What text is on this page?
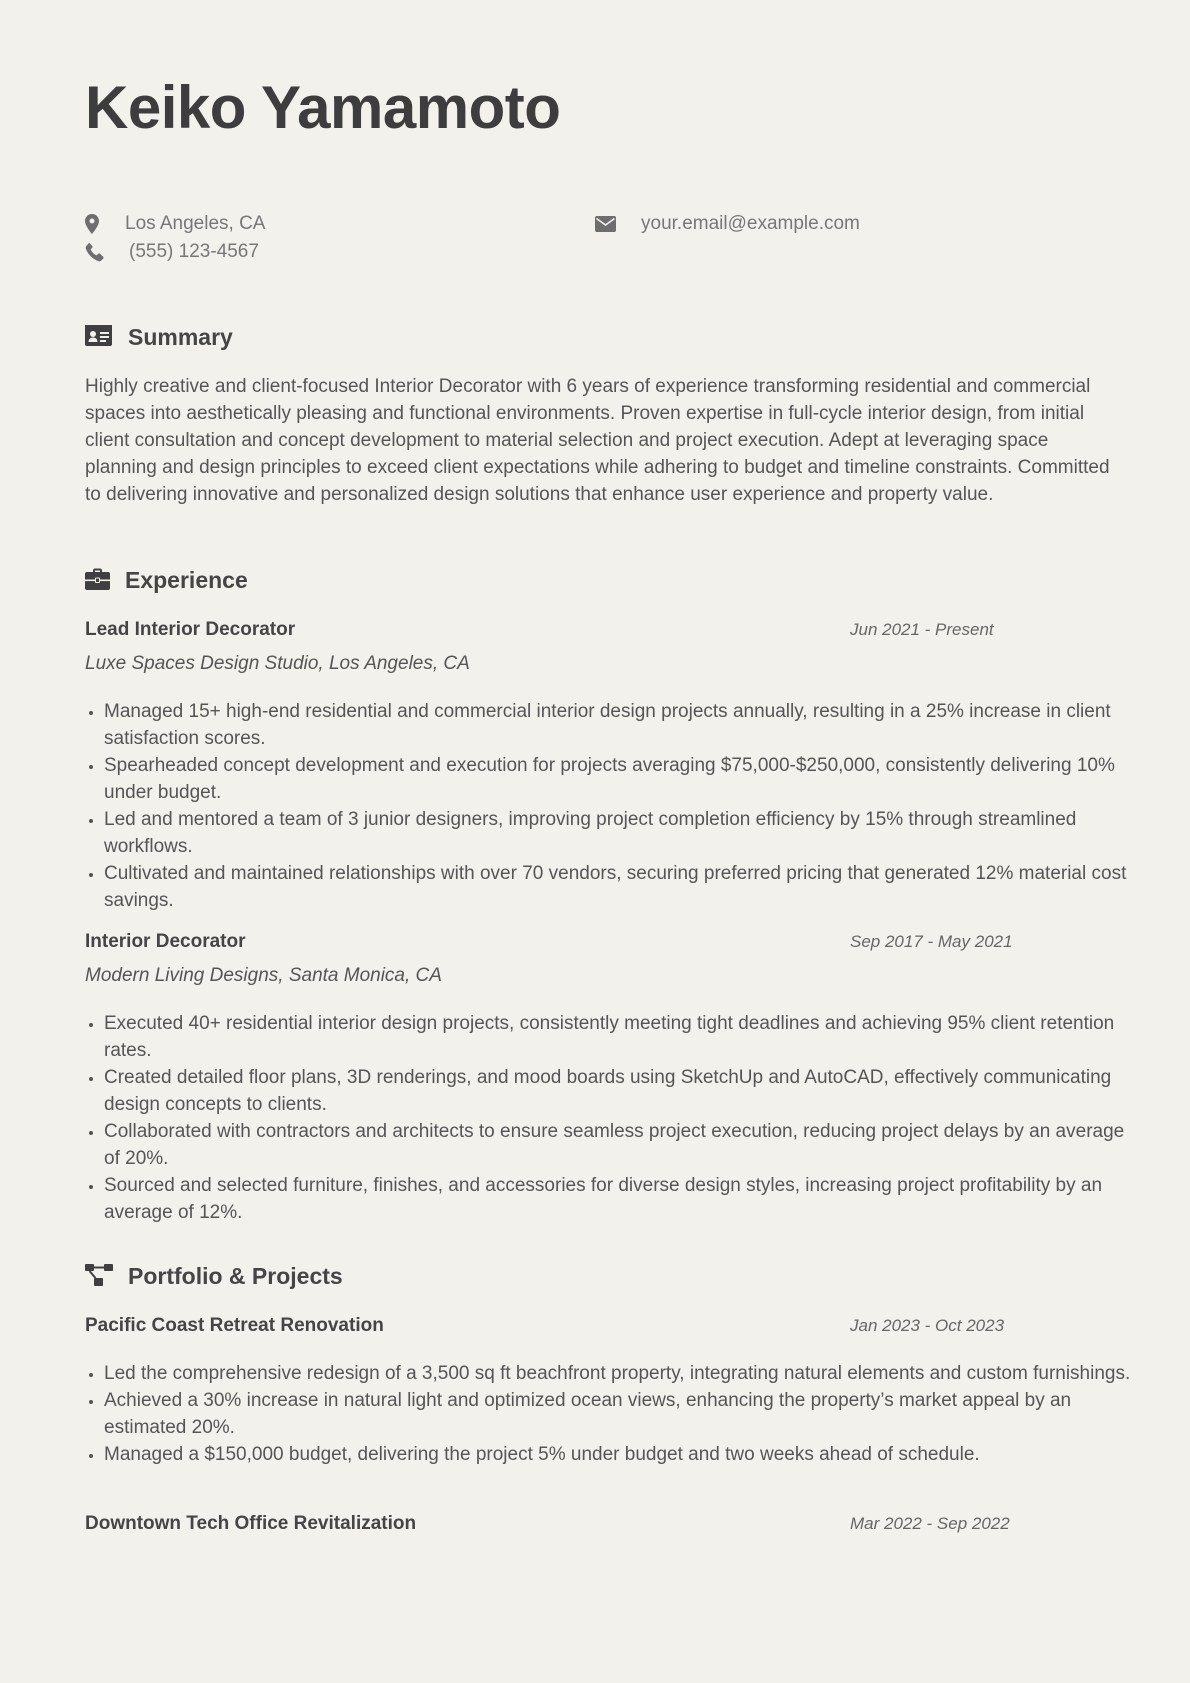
Keiko Yamamoto
Los Angeles, CA
(555) 123-4567
your.email@example.com
Summary

Highly creative and client-focused Interior Decorator with 6 years of experience transforming residential and commercial spaces into aesthetically pleasing and functional environments. Proven expertise in full-cycle interior design, from initial client consultation and concept development to material selection and project execution. Adept at leveraging space planning and design principles to exceed client expectations while adhering to budget and timeline constraints. Committed to delivering innovative and personalized design solutions that enhance user experience and property value.

Experience
Lead Interior Decorator	Jun 2021 - Present
Luxe Spaces Design Studio, Los Angeles, CA
• Managed 15+ high-end residential and commercial interior design projects annually, resulting in a 25% increase in client satisfaction scores.
• Spearheaded concept development and execution for projects averaging $75,000-$250,000, consistently delivering 10% under budget.
• Led and mentored a team of 3 junior designers, improving project completion efficiency by 15% through streamlined workflows.
• Cultivated and maintained relationships with over 70 vendors, securing preferred pricing that generated 12% material cost savings.
Interior Decorator	Sep 2017 - May 2021
Modern Living Designs, Santa Monica, CA
• Executed 40+ residential interior design projects, consistently meeting tight deadlines and achieving 95% client retention rates.
• Created detailed floor plans, 3D renderings, and mood boards using SketchUp and AutoCAD, effectively communicating design concepts to clients.
• Collaborated with contractors and architects to ensure seamless project execution, reducing project delays by an average of 20%.
• Sourced and selected furniture, finishes, and accessories for diverse design styles, increasing project profitability by an average of 12%.
Portfolio & Projects
Pacific Coast Retreat Renovation	Jan 2023 - Oct 2023
• Led the comprehensive redesign of a 3,500 sq ft beachfront property, integrating natural elements and custom furnishings.
• Achieved a 30% increase in natural light and optimized ocean views, enhancing the property’s market appeal by an estimated 20%.
• Managed a $150,000 budget, delivering the project 5% under budget and two weeks ahead of schedule.
Downtown Tech Office Revitalization	Mar 2022 - Sep 2022
